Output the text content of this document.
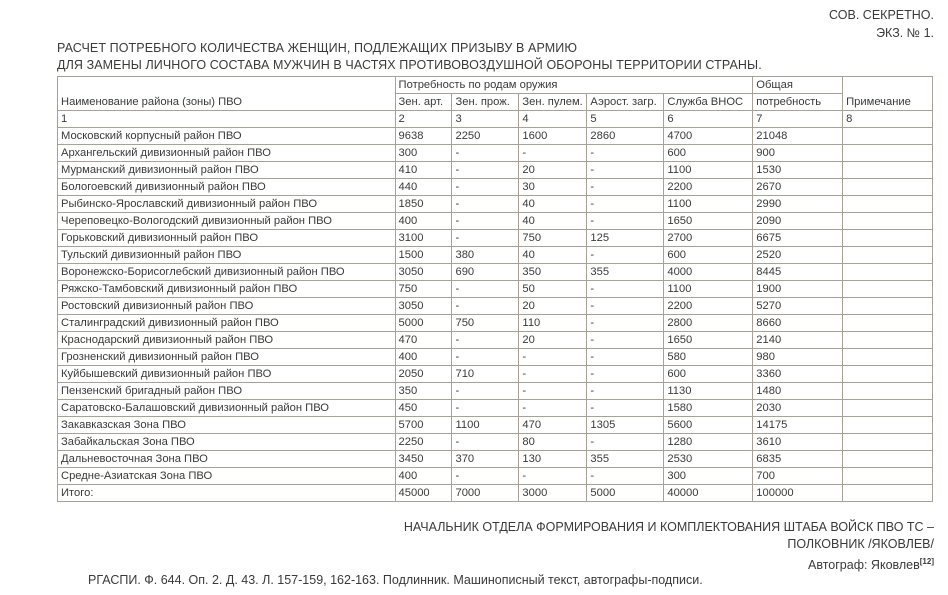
СОВ. СЕКРЕТНО.
ЭКЗ. № 1.
РАСЧЕТ ПОТРЕБНОГО КОЛИЧЕСТВА ЖЕНЩИН, ПОДЛЕЖАЩИХ ПРИЗЫВУ В АРМИЮ
ДЛЯ ЗАМЕНЫ ЛИЧНОГО СОСТАВА МУЖЧИН В ЧАСТЯХ ПРОТИВОВОЗДУШНОЙ ОБОРОНЫ ТЕРРИТОРИИ СТРАНЫ.
Наименование района (зоны) ПВО	Потребность по родам оружия					Общая	Примечание
	Зен. арт.	Зен. прож.	Зен. пулем.	Аэрост. загр.	Служба ВНОС	потребность	
1	2	3	4	5	6	7	8
Московский корпусный район ПВО	9638	2250	1600	2860	4700	21048	
Архангельский дивизионный район ПВО	300	-	-	-	600	900	
Мурманский дивизионный район ПВО	410	-	20	-	1100	1530	
Бологоевский дивизионный район ПВО	440	-	30	-	2200	2670	
Рыбинско-Ярославский дивизионный район ПВО	1850	-	40	-	1100	2990	
Череповецко-Вологодский дивизионный район ПВО	400	-	40	-	1650	2090	
Горьковский дивизионный район ПВО	3100	-	750	125	2700	6675	
Тульский дивизионный район ПВО	1500	380	40	-	600	2520	
Воронежско-Борисоглебский дивизионный район ПВО	3050	690	350	355	4000	8445	
Ряжско-Тамбовский дивизионный район ПВО	750	-	50	-	1100	1900	
Ростовский дивизионный район ПВО	3050	-	20	-	2200	5270	
Сталинградский дивизионный район ПВО	5000	750	110	-	2800	8660	
Краснодарский дивизионный район ПВО	470	-	20	-	1650	2140	
Грозненский дивизионный район ПВО	400	-	-	-	580	980	
Куйбышевский дивизионный район ПВО	2050	710	-	-	600	3360	
Пензенский бригадный район ПВО	350	-	-	-	1130	1480	
Саратовско-Балашовский дивизионный район ПВО	450	-	-	-	1580	2030	
Закавказская Зона ПВО	5700	1100	470	1305	5600	14175	
Забайкальская Зона ПВО	2250	-	80	-	1280	3610	
Дальневосточная Зона ПВО	3450	370	130	355	2530	6835	
Средне-Азиатская Зона ПВО	400	-	-	-	300	700	
Итого:	45000	7000	3000	5000	40000	100000	
НАЧАЛЬНИК ОТДЕЛА ФОРМИРОВАНИЯ И КОМПЛЕКТОВАНИЯ ШТАБА ВОЙСК ПВО ТС –
ПОЛКОВНИК /ЯКОВЛЕВ/
Автограф: Яковлев[12]
РГАСПИ. Ф. 644. Оп. 2. Д. 43. Л. 157-159, 162-163. Подлинник. Машинописный текст, автографы-подписи.
